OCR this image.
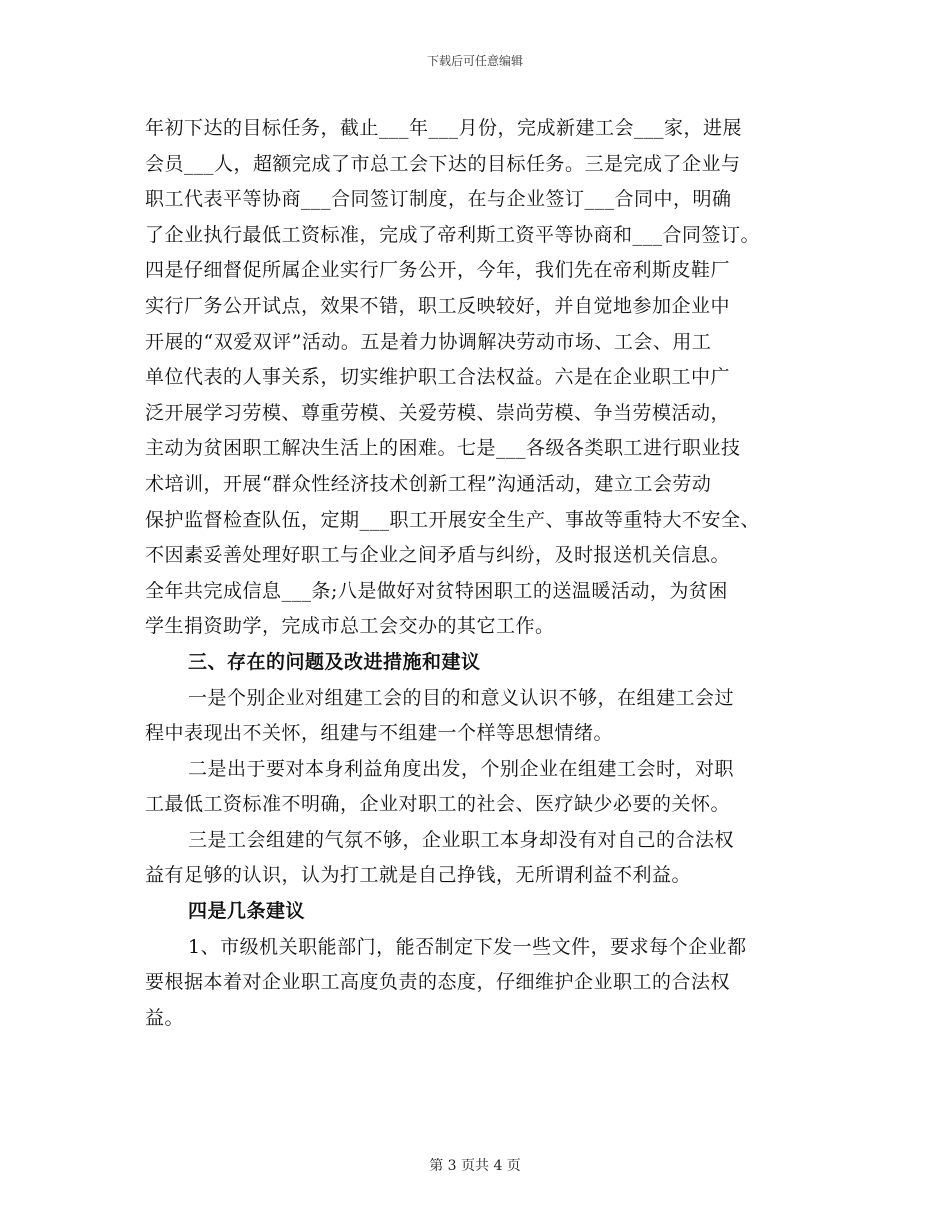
下载后可任意编辑
年初下达的目标任务，截止___年___月份，完成新建工会___家，进展
会员___人，超额完成了市总工会下达的目标任务。三是完成了企业与
职工代表平等协商___合同签订制度，在与企业签订___合同中，明确
了企业执行最低工资标准，完成了帝利斯工资平等协商和___合同签订。
四是仔细督促所属企业实行厂务公开，今年，我们先在帝利斯皮鞋厂
实行厂务公开试点，效果不错，职工反映较好，并自觉地参加企业中
开展的“双爱双评”活动。五是着力协调解决劳动市场、工会、用工
单位代表的人事关系，切实维护职工合法权益。六是在企业职工中广
泛开展学习劳模、尊重劳模、关爱劳模、崇尚劳模、争当劳模活动，
主动为贫困职工解决生活上的困难。七是___各级各类职工进行职业技
术培训，开展“群众性经济技术创新工程”沟通活动，建立工会劳动
保护监督检查队伍，定期___职工开展安全生产、事故等重特大不安全、
不因素妥善处理好职工与企业之间矛盾与纠纷，及时报送机关信息。
全年共完成信息___条;八是做好对贫特困职工的送温暖活动，为贫困
学生捐资助学，完成市总工会交办的其它工作。
三、存在的问题及改进措施和建议
一是个别企业对组建工会的目的和意义认识不够，在组建工会过
程中表现出不关怀，组建与不组建一个样等思想情绪。
二是出于要对本身利益角度出发，个别企业在组建工会时，对职
工最低工资标准不明确，企业对职工的社会、医疗缺少必要的关怀。
三是工会组建的气氛不够，企业职工本身却没有对自己的合法权
益有足够的认识，认为打工就是自己挣钱，无所谓利益不利益。
四是几条建议
1、市级机关职能部门，能否制定下发一些文件，要求每个企业都
要根据本着对企业职工高度负责的态度，仔细维护企业职工的合法权
益。
第 3 页共 4 页
